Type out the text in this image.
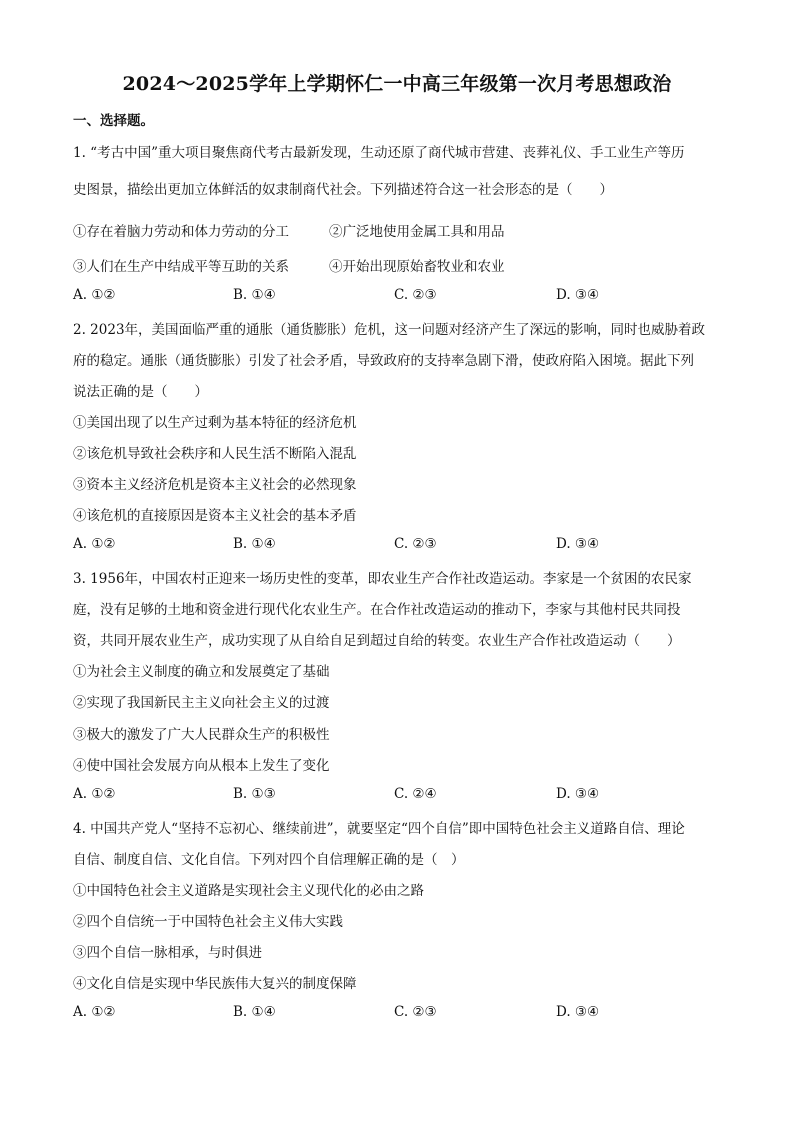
2024～2025学年上学期怀仁一中高三年级第一次月考思想政治
一、选择题。
1. “考古中国”重大项目聚焦商代考古最新发现，生动还原了商代城市营建、丧葬礼仪、手工业生产等历
史图景，描绘出更加立体鲜活的奴隶制商代社会。下列描述符合这一社会形态的是（　　）
①存在着脑力劳动和体力劳动的分工	②广泛地使用金属工具和用品
③人们在生产中结成平等互助的关系	④开始出现原始畜牧业和农业
A. ①②	B. ①④	C. ②③	D. ③④
2. 2023年，美国面临严重的通胀（通货膨胀）危机，这一问题对经济产生了深远的影响，同时也威胁着政
府的稳定。通胀（通货膨胀）引发了社会矛盾，导致政府的支持率急剧下滑，使政府陷入困境。据此下列
说法正确的是（　　）
①美国出现了以生产过剩为基本特征的经济危机
②该危机导致社会秩序和人民生活不断陷入混乱
③资本主义经济危机是资本主义社会的必然现象
④该危机的直接原因是资本主义社会的基本矛盾
A. ①②	B. ①④	C. ②③	D. ③④
3. 1956年，中国农村正迎来一场历史性的变革，即农业生产合作社改造运动。李家是一个贫困的农民家
庭，没有足够的土地和资金进行现代化农业生产。在合作社改造运动的推动下，李家与其他村民共同投
资，共同开展农业生产，成功实现了从自给自足到超过自给的转变。农业生产合作社改造运动（　　）
①为社会主义制度的确立和发展奠定了基础
②实现了我国新民主主义向社会主义的过渡
③极大的激发了广大人民群众生产的积极性
④使中国社会发展方向从根本上发生了变化
A. ①②	B. ①③	C. ②④	D. ③④
4. 中国共产党人“坚持不忘初心、继续前进”，就要坚定“四个自信”即中国特色社会主义道路自信、理论
自信、制度自信、文化自信。下列对四个自信理解正确的是（　）
①中国特色社会主义道路是实现社会主义现代化的必由之路
②四个自信统一于中国特色社会主义伟大实践
③四个自信一脉相承，与时俱进
④文化自信是实现中华民族伟大复兴的制度保障
A. ①②	B. ①④	C. ②③	D. ③④
